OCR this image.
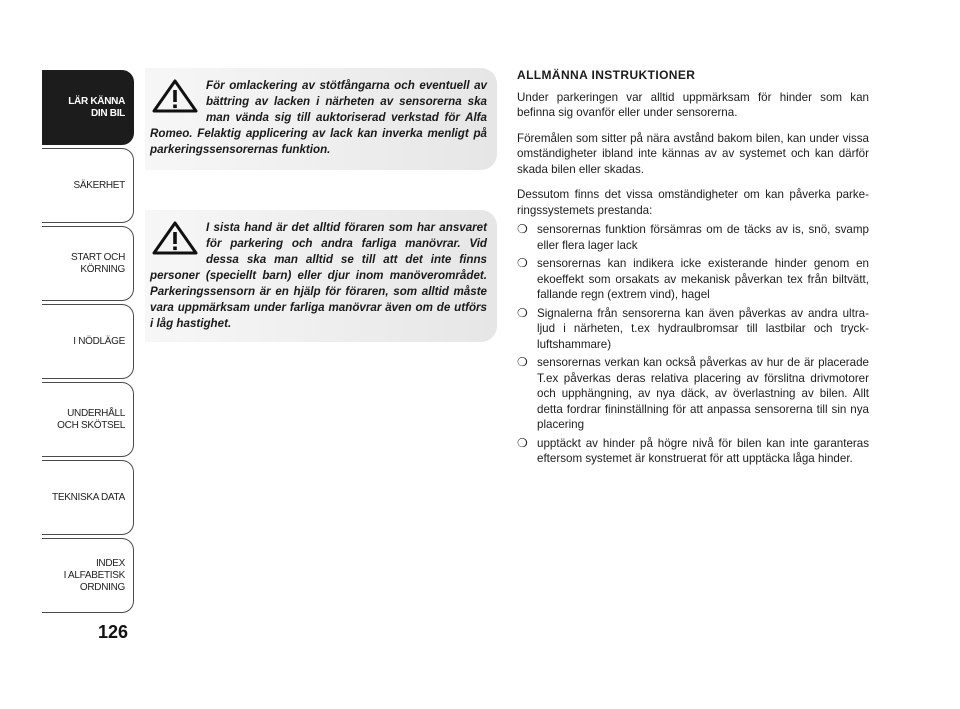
LÄR KÄNNA
DIN BIL
SÄKERHET
START OCH
KÖRNING
I NÖDLÄGE
UNDERHÅLL
OCH SKÖTSEL
TEKNISKA DATA
INDEX
I ALFABETISK
ORDNING
126
För omlackering av stötfångarna och eventuell av bättring av lacken i närheten av sensorerna ska man vända sig till auktoriserad verkstad för Alfa Romeo. Felaktig applicering av lack kan inverka menligt på parkeringssensorernas funktion.
I sista hand är det alltid föraren som har ansvaret för parkering och andra farliga manövrar. Vid dessa ska man alltid se till att det inte finns personer (speciellt barn) eller djur inom manöverområdet. Parkeringssensorn är en hjälp för föraren, som alltid måste vara uppmärksam under farliga manövrar även om de utförs i låg hastighet.
ALLMÄNNA INSTRUKTIONER

Under parkeringen var alltid uppmärksam för hinder som kan befinna sig ovanför eller under sensorerna.

Föremålen som sitter på nära avstånd bakom bilen, kan under vissa omständigheter ibland inte kännas av av systemet och kan därför skada bilen eller skadas.

Dessutom finns det vissa omständigheter om kan påverka parke-ringssystemets prestanda:

❍ sensorernas funktion försämras om de täcks av is, snö, svamp eller flera lager lack
❍ sensorernas kan indikera icke existerande hinder genom en ekoeffekt som orsakats av mekanisk påverkan tex från biltvätt, fallande regn (extrem vind), hagel
❍ Signalerna från sensorerna kan även påverkas av andra ultra-ljud i närheten, t.ex hydraulbromsar till lastbilar och tryck-luftshammare)
❍ sensorernas verkan kan också påverkas av hur de är placerade T.ex påverkas deras relativa placering av förslitna drivmotorer och upphängning, av nya däck, av överlastning av bilen. Allt detta fordrar fininställning för att anpassa sensorerna till sin nya placering
❍ upptäckt av hinder på högre nivå för bilen kan inte garanteras eftersom systemet är konstruerat för att upptäcka låga hinder.
